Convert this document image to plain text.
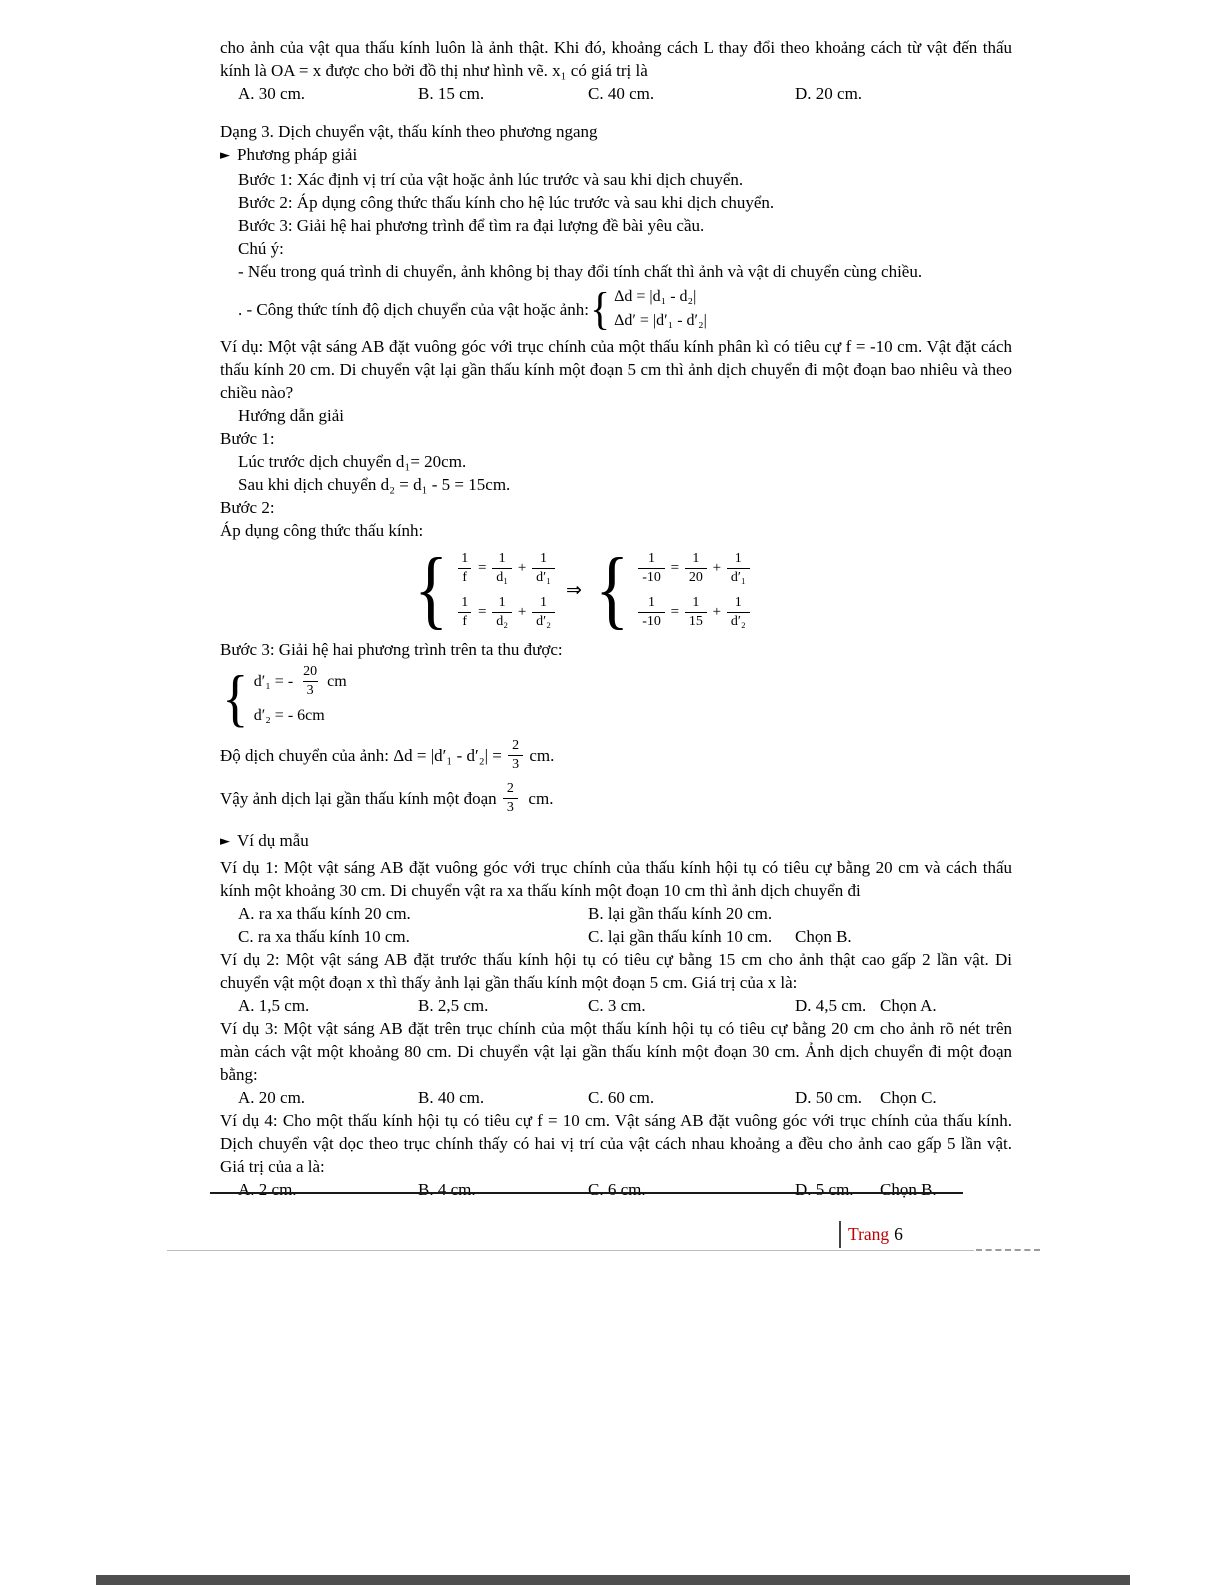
cho ảnh của vật qua thấu kính luôn là ảnh thật. Khi đó, khoảng cách L thay đổi theo khoảng cách từ vật đến thấu kính là OA = x được cho bởi đồ thị như hình vẽ. x₁ có giá trị là

A. 30 cm.	B. 15 cm.	C. 40 cm.	D. 20 cm.

Dạng 3. Dịch chuyển vật, thấu kính theo phương ngang

► Phương pháp giải

Bước 1: Xác định vị trí của vật hoặc ảnh lúc trước và sau khi dịch chuyển.

Bước 2: Áp dụng công thức thấu kính cho hệ lúc trước và sau khi dịch chuyển.

Bước 3: Giải hệ hai phương trình để tìm ra đại lượng đề bài yêu cầu.

Chú ý:

- Nếu trong quá trình di chuyển, ảnh không bị thay đổi tính chất thì ảnh và vật di chuyển cùng chiều.

. - Công thức tính độ dịch chuyển của vật hoặc ảnh: { Δd = |d₁ - d₂|
Δd′ = |d′₁ - d′₂|

Ví dụ: Một vật sáng AB đặt vuông góc với trục chính của một thấu kính phân kì có tiêu cự f = -10 cm. Vật đặt cách thấu kính 20 cm. Di chuyển vật lại gần thấu kính một đoạn 5 cm thì ảnh dịch chuyển đi một đoạn bao nhiêu và theo chiều nào?

Hướng dẫn giải

Bước 1:

Lúc trước dịch chuyển d₁= 20cm.

Sau khi dịch chuyển d₂ = d₁ - 5 = 15cm.

Bước 2:

Áp dụng công thức thấu kính:

{ $\frac{1}{f} = \frac{1}{\text{d₁}} + \frac{1}{\text{d′₁}}$
$\frac{1}{f} = \frac{1}{\text{d₂}} + \frac{1}{\text{d′₂}}$
⇒ { $\frac{1}{-10} = \frac{1}{20} + \frac{1}{\text{d′₁}}$
$\frac{1}{-10} = \frac{1}{15} + \frac{1}{\text{d′₂}}$

Bước 3: Giải hệ hai phương trình trên ta thu được:

{ d′₁ = - $\frac{20}{3}$ cm
d′₂ = - 6cm
Độ dịch chuyển của ảnh: $\Delta d = |d'_1 - d'_2| = \frac{2}{3}$ cm.
Vậy ảnh dịch lại gần thấu kính một đoạn $\frac{2}{3}$ cm.

► Ví dụ mẫu

Ví dụ 1: Một vật sáng AB đặt vuông góc với trục chính của thấu kính hội tụ có tiêu cự bằng 20 cm và cách thấu kính một khoảng 30 cm. Di chuyển vật ra xa thấu kính một đoạn 10 cm thì ảnh dịch chuyển đi

A. ra xa thấu kính 20 cm.	B. lại gần thấu kính 20 cm.
C. ra xa thấu kính 10 cm.	C. lại gần thấu kính 10 cm. Chọn B.

Ví dụ 2: Một vật sáng AB đặt trước thấu kính hội tụ có tiêu cự bằng 15 cm cho ảnh thật cao gấp 2 lần vật. Di chuyển vật một đoạn x thì thấy ảnh lại gần thấu kính một đoạn 5 cm. Giá trị của x là:

A. 1,5 cm.	B. 2,5 cm.	C. 3 cm.	D. 4,5 cm. Chọn A.

Ví dụ 3: Một vật sáng AB đặt trên trục chính của một thấu kính hội tụ có tiêu cự bằng 20 cm cho ảnh rõ nét trên màn cách vật một khoảng 80 cm. Di chuyển vật lại gần thấu kính một đoạn 30 cm. Ảnh dịch chuyển đi một đoạn bằng:

A. 20 cm.	B. 40 cm.	C. 60 cm.	D. 50 cm. Chọn C.

Ví dụ 4: Cho một thấu kính hội tụ có tiêu cự f = 10 cm. Vật sáng AB đặt vuông góc với trục chính của thấu kính. Dịch chuyển vật dọc theo trục chính thấy có hai vị trí của vật cách nhau khoảng a đều cho ảnh cao gấp 5 lần vật. Giá trị của a là:

A. 2 cm.	B. 4 cm.	C. 6 cm.	D. 5 cm. Chọn B.
Trang 6
